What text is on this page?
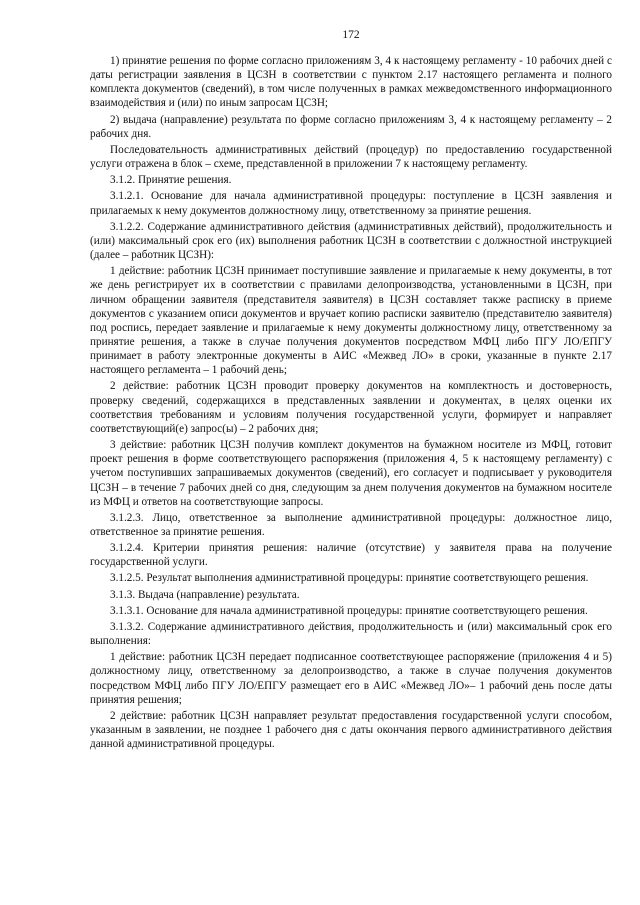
172

1) принятие решения по форме согласно приложениям 3, 4 к настоящему регламенту - 10 рабочих дней с даты регистрации заявления в ЦСЗН в соответствии с пунктом 2.17 настоящего регламента и полного комплекта документов (сведений), в том числе полученных в рамках межведомственного информационного взаимодействия и (или) по иным запросам ЦСЗН;

2) выдача (направление) результата по форме согласно приложениям 3, 4 к настоящему регламенту – 2 рабочих дня.

Последовательность административных действий (процедур) по предоставлению государственной услуги отражена в блок – схеме, представленной в приложении 7 к настоящему регламенту.

3.1.2. Принятие решения.

3.1.2.1. Основание для начала административной процедуры: поступление в ЦСЗН заявления и прилагаемых к нему документов должностному лицу, ответственному за принятие решения.

3.1.2.2. Содержание административного действия (административных действий), продолжительность и (или) максимальный срок его (их) выполнения работник ЦСЗН в соответствии с должностной инструкцией (далее – работник ЦСЗН):

1 действие: работник ЦСЗН принимает поступившие заявление и прилагаемые к нему документы, в тот же день регистрирует их в соответствии с правилами делопроизводства, установленными в ЦСЗН, при личном обращении заявителя (представителя заявителя) в ЦСЗН составляет также расписку в приеме документов с указанием описи документов и вручает копию расписки заявителю (представителю заявителя) под роспись, передает заявление и прилагаемые к нему документы должностному лицу, ответственному за принятие решения, а также в случае получения документов посредством МФЦ либо ПГУ ЛО/ЕПГУ принимает в работу электронные документы в АИС «Межвед ЛО» в сроки, указанные в пункте 2.17 настоящего регламента – 1 рабочий день;

2 действие: работник ЦСЗН проводит проверку документов на комплектность и достоверность, проверку сведений, содержащихся в представленных заявлении и документах, в целях оценки их соответствия требованиям и условиям получения государственной услуги, формирует и направляет соответствующий(е) запрос(ы) – 2 рабочих дня;

3 действие: работник ЦСЗН получив комплект документов на бумажном носителе из МФЦ, готовит проект решения в форме соответствующего распоряжения (приложения 4, 5 к настоящему регламенту) с учетом поступивших запрашиваемых документов (сведений), его согласует и подписывает у руководителя ЦСЗН – в течение 7 рабочих дней со дня, следующим за днем получения документов на бумажном носителе из МФЦ и ответов на соответствующие запросы.

3.1.2.3. Лицо, ответственное за выполнение административной процедуры: должностное лицо, ответственное за принятие решения.

3.1.2.4. Критерии принятия решения: наличие (отсутствие) у заявителя права на получение государственной услуги.

3.1.2.5. Результат выполнения административной процедуры: принятие соответствующего решения.

3.1.3. Выдача (направление) результата.

3.1.3.1. Основание для начала административной процедуры: принятие соответствующего решения.

3.1.3.2. Содержание административного действия, продолжительность и (или) максимальный срок его выполнения:

1 действие: работник ЦСЗН передает подписанное соответствующее распоряжение (приложения 4 и 5) должностному лицу, ответственному за делопроизводство, а также в случае получения документов посредством МФЦ либо ПГУ ЛО/ЕПГУ размещает его в АИС «Межвед ЛО»– 1 рабочий день после даты принятия решения;

2 действие: работник ЦСЗН направляет результат предоставления государственной услуги способом, указанным в заявлении, не позднее 1 рабочего дня с даты окончания первого административного действия данной административной процедуры.
